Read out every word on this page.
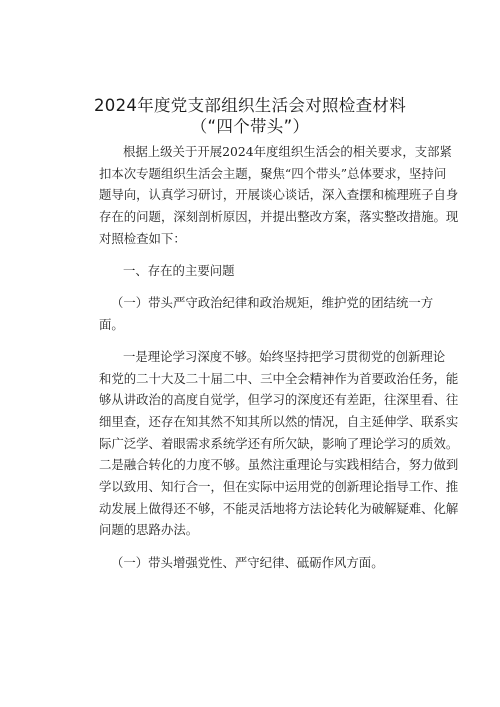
2024年度党支部组织生活会对照检查材料
（“四个带头”）
根据上级关于开展2024年度组织生活会的相关要求，支部紧
扣本次专题组织生活会主题，聚焦“四个带头”总体要求，坚持问
题导向，认真学习研讨，开展谈心谈话，深入查摆和梳理班子自身
存在的问题，深刻剖析原因，并提出整改方案，落实整改措施。现
对照检查如下：
一、存在的主要问题
（一）带头严守政治纪律和政治规矩，维护党的团结统一方
面。
一是理论学习深度不够。始终坚持把学习贯彻党的创新理论
和党的二十大及二十届二中、三中全会精神作为首要政治任务，能
够从讲政治的高度自觉学，但学习的深度还有差距，往深里看、往
细里查，还存在知其然不知其所以然的情况，自主延伸学、联系实
际广泛学、着眼需求系统学还有所欠缺，影响了理论学习的质效。
二是融合转化的力度不够。虽然注重理论与实践相结合，努力做到
学以致用、知行合一，但在实际中运用党的创新理论指导工作、推
动发展上做得还不够，不能灵活地将方法论转化为破解疑难、化解
问题的思路办法。
（一）带头增强党性、严守纪律、砥砺作风方面。
